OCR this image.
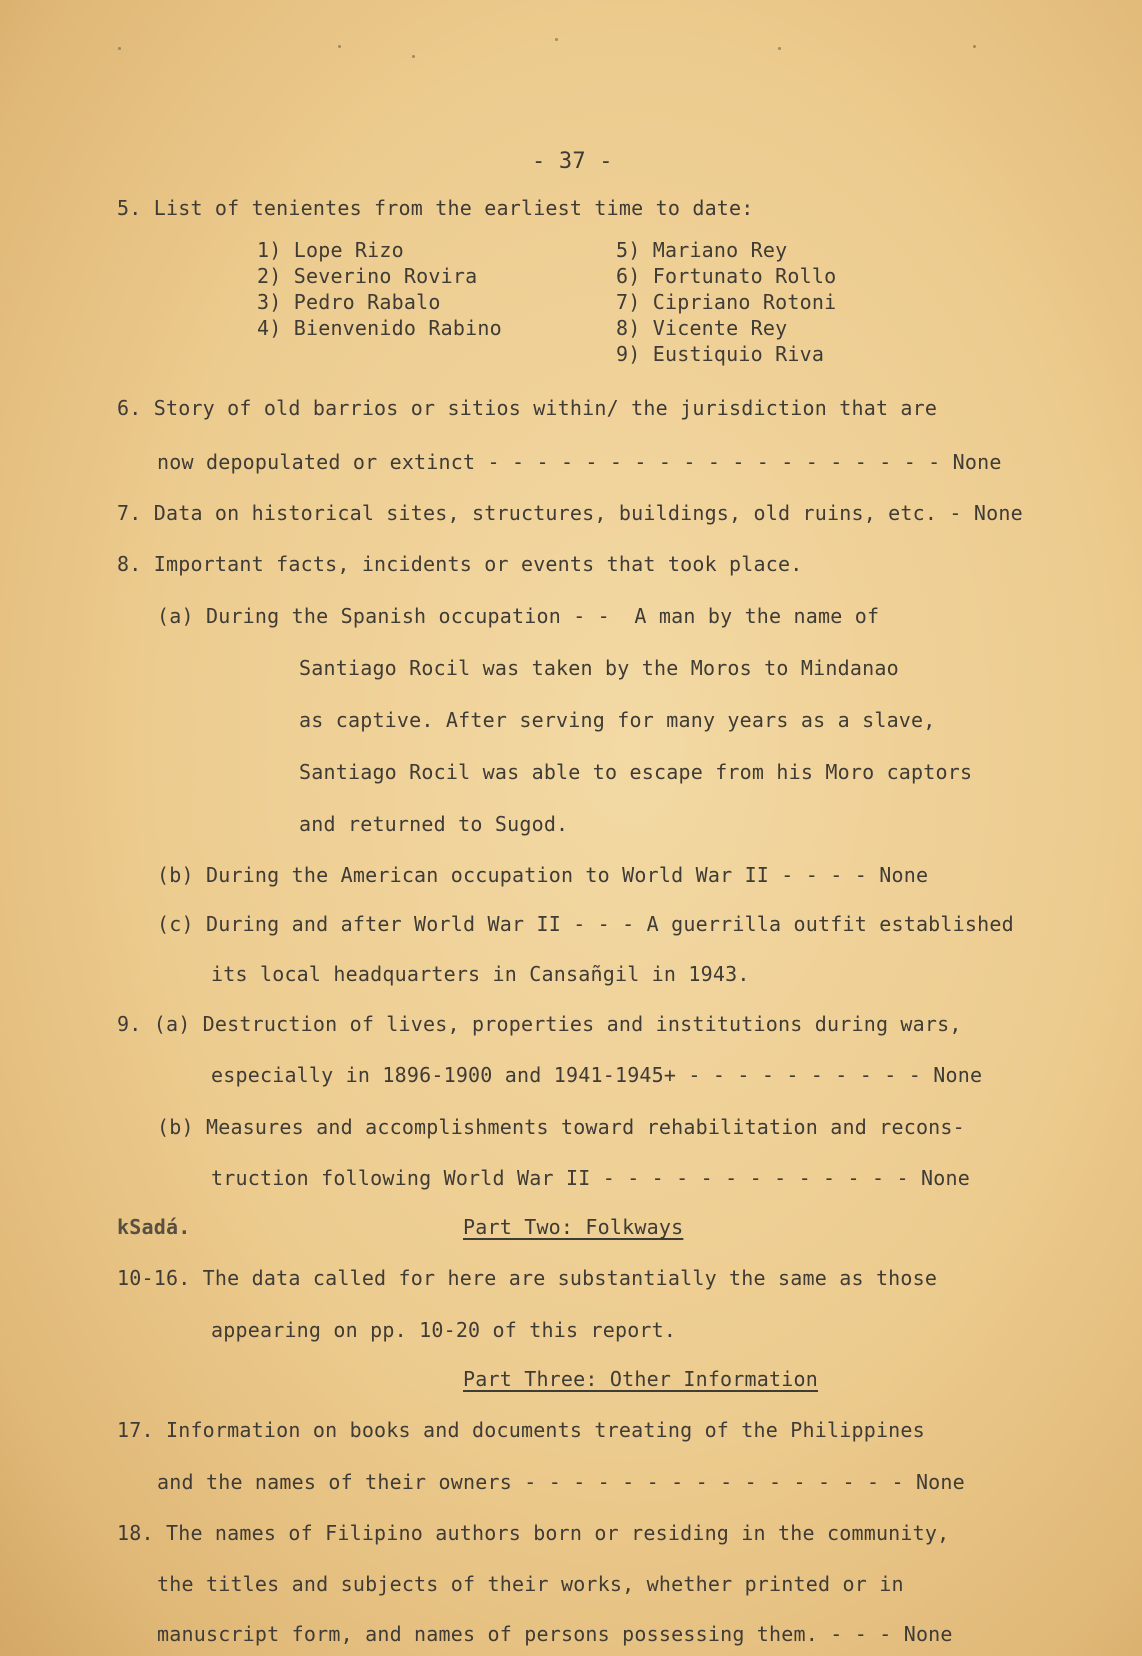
- 37 -
5. List of tenientes from the earliest time to date:
1) Lope Rizo
2) Severino Rovira
3) Pedro Rabalo
4) Bienvenido Rabino
5) Mariano Rey
6) Fortunato Rollo
7) Cipriano Rotoni
8) Vicente Rey
9) Eustiquio Riva
6. Story of old barrios or sitios within/ the jurisdiction that are
now depopulated or extinct - - - - - - - - - - - - - - - - - - - None
7. Data on historical sites, structures, buildings, old ruins, etc. - None
8. Important facts, incidents or events that took place.
(a) During the Spanish occupation - -  A man by the name of
Santiago Rocil was taken by the Moros to Mindanao
as captive. After serving for many years as a slave,
Santiago Rocil was able to escape from his Moro captors
and returned to Sugod.
(b) During the American occupation to World War II - - - - None
(c) During and after World War II - - - A guerrilla outfit established
its local headquarters in Cansañgil in 1943.
9. (a) Destruction of lives, properties and institutions during wars,
especially in 1896-1900 and 1941-1945+ - - - - - - - - - - None
(b) Measures and accomplishments toward rehabilitation and recons-
truction following World War II - - - - - - - - - - - - - None
kSadá.	Part Two: Folkways
10-16. The data called for here are substantially the same as those
appearing on pp. 10-20 of this report.
Part Three: Other Information
17. Information on books and documents treating of the Philippines
and the names of their owners - - - - - - - - - - - - - - - - None
18. The names of Filipino authors born or residing in the community,
the titles and subjects of their works, whether printed or in
manuscript form, and names of persons possessing them. - - - None
